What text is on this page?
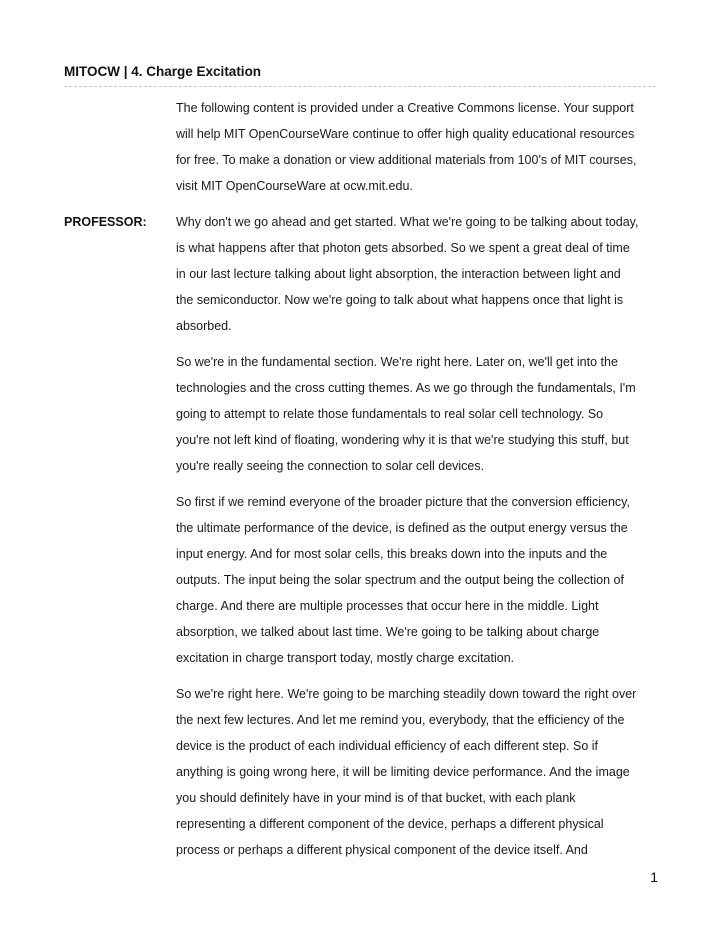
MITOCW | 4. Charge Excitation
The following content is provided under a Creative Commons license. Your support
will help MIT OpenCourseWare continue to offer high quality educational resources
for free. To make a donation or view additional materials from 100's of MIT courses,
visit MIT OpenCourseWare at ocw.mit.edu.
PROFESSOR: Why don't we go ahead and get started. What we're going to be talking about today,
is what happens after that photon gets absorbed. So we spent a great deal of time
in our last lecture talking about light absorption, the interaction between light and
the semiconductor. Now we're going to talk about what happens once that light is
absorbed.
So we're in the fundamental section. We're right here. Later on, we'll get into the
technologies and the cross cutting themes. As we go through the fundamentals, I'm
going to attempt to relate those fundamentals to real solar cell technology. So
you're not left kind of floating, wondering why it is that we're studying this stuff, but
you're really seeing the connection to solar cell devices.
So first if we remind everyone of the broader picture that the conversion efficiency,
the ultimate performance of the device, is defined as the output energy versus the
input energy. And for most solar cells, this breaks down into the inputs and the
outputs. The input being the solar spectrum and the output being the collection of
charge. And there are multiple processes that occur here in the middle. Light
absorption, we talked about last time. We're going to be talking about charge
excitation in charge transport today, mostly charge excitation.
So we're right here. We're going to be marching steadily down toward the right over
the next few lectures. And let me remind you, everybody, that the efficiency of the
device is the product of each individual efficiency of each different step. So if
anything is going wrong here, it will be limiting device performance. And the image
you should definitely have in your mind is of that bucket, with each plank
representing a different component of the device, perhaps a different physical
process or perhaps a different physical component of the device itself. And
1
